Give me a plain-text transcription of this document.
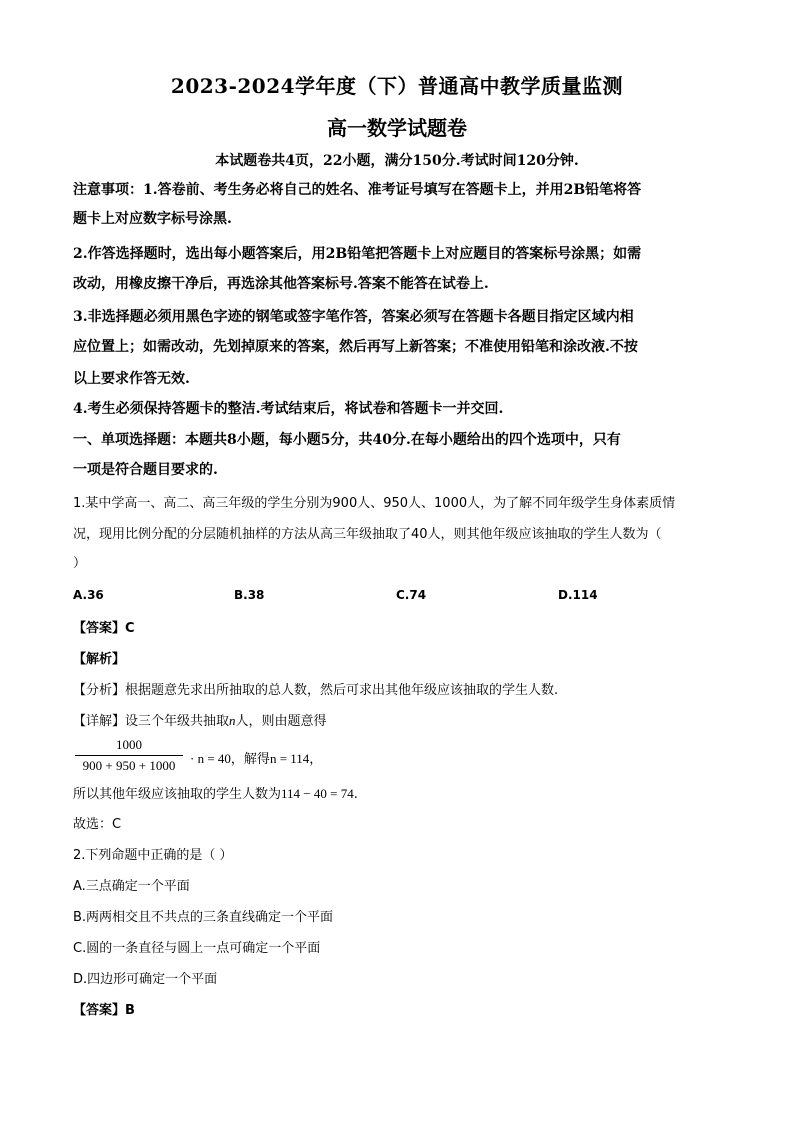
2023-2024学年度（下）普通高中教学质量监测
高一数学试题卷
本试题卷共4页，22小题，满分150分.考试时间120分钟.
注意事项：1.答卷前、考生务必将自己的姓名、准考证号填写在答题卡上，并用2B铅笔将答
题卡上对应数字标号涂黑.
2.作答选择题时，选出每小题答案后，用2B铅笔把答题卡上对应题目的答案标号涂黑；如需
改动，用橡皮擦干净后，再选涂其他答案标号.答案不能答在试卷上.
3.非选择题必须用黑色字迹的钢笔或签字笔作答，答案必须写在答题卡各题目指定区域内相
应位置上；如需改动，先划掉原来的答案，然后再写上新答案；不准使用铅笔和涂改液.不按
以上要求作答无效.
4.考生必须保持答题卡的整洁.考试结束后，将试卷和答题卡一并交回.
一、单项选择题：本题共8小题，每小题5分，共40分.在每小题给出的四个选项中，只有
一项是符合题目要求的.
1.某中学高一、高二、高三年级的学生分别为900人、950人、1000人，为了解不同年级学生身体素质情
况，现用比例分配的分层随机抽样的方法从高三年级抽取了40人，则其他年级应该抽取的学生人数为（
）
A.36	B.38	C.74	D.114
【答案】C
【解析】
【分析】根据题意先求出所抽取的总人数，然后可求出其他年级应该抽取的学生人数.
【详解】设三个年级共抽取n人，则由题意得
1000
900 + 950 + 1000	· n = 40，解得n = 114，
所以其他年级应该抽取的学生人数为114 − 40 = 74.
故选：C
2.下列命题中正确的是（ ）
A.三点确定一个平面
B.两两相交且不共点的三条直线确定一个平面
C.圆的一条直径与圆上一点可确定一个平面
D.四边形可确定一个平面
【答案】B
